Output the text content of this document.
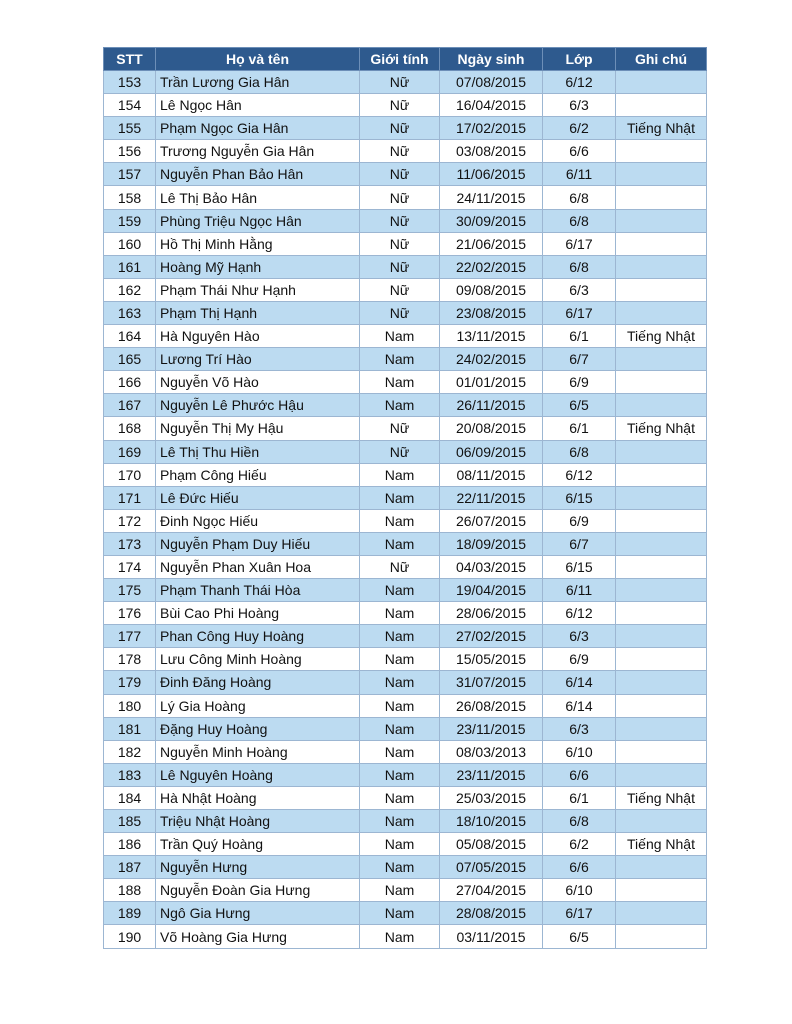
STT	Họ và tên	Giới tính	Ngày sinh	Lớp	Ghi chú
153	Trần Lương Gia Hân	Nữ	07/08/2015	6/12	
154	Lê Ngọc Hân	Nữ	16/04/2015	6/3	
155	Phạm Ngọc Gia Hân	Nữ	17/02/2015	6/2	Tiếng Nhật
156	Trương Nguyễn Gia Hân	Nữ	03/08/2015	6/6	
157	Nguyễn Phan Bảo Hân	Nữ	11/06/2015	6/11	
158	Lê Thị Bảo Hân	Nữ	24/11/2015	6/8	
159	Phùng Triệu Ngọc Hân	Nữ	30/09/2015	6/8	
160	Hồ Thị Minh Hằng	Nữ	21/06/2015	6/17	
161	Hoàng Mỹ Hạnh	Nữ	22/02/2015	6/8	
162	Phạm Thái Như Hạnh	Nữ	09/08/2015	6/3	
163	Phạm Thị Hạnh	Nữ	23/08/2015	6/17	
164	Hà Nguyên Hào	Nam	13/11/2015	6/1	Tiếng Nhật
165	Lương Trí Hào	Nam	24/02/2015	6/7	
166	Nguyễn Võ Hào	Nam	01/01/2015	6/9	
167	Nguyễn Lê Phước Hậu	Nam	26/11/2015	6/5	
168	Nguyễn Thị My Hậu	Nữ	20/08/2015	6/1	Tiếng Nhật
169	Lê Thị Thu Hiền	Nữ	06/09/2015	6/8	
170	Phạm Công Hiếu	Nam	08/11/2015	6/12	
171	Lê Đức Hiếu	Nam	22/11/2015	6/15	
172	Đinh Ngọc Hiếu	Nam	26/07/2015	6/9	
173	Nguyễn Phạm Duy Hiếu	Nam	18/09/2015	6/7	
174	Nguyễn Phan Xuân Hoa	Nữ	04/03/2015	6/15	
175	Phạm Thanh Thái Hòa	Nam	19/04/2015	6/11	
176	Bùi Cao Phi Hoàng	Nam	28/06/2015	6/12	
177	Phan Công Huy Hoàng	Nam	27/02/2015	6/3	
178	Lưu Công Minh Hoàng	Nam	15/05/2015	6/9	
179	Đinh Đăng Hoàng	Nam	31/07/2015	6/14	
180	Lý Gia Hoàng	Nam	26/08/2015	6/14	
181	Đặng Huy Hoàng	Nam	23/11/2015	6/3	
182	Nguyễn Minh Hoàng	Nam	08/03/2013	6/10	
183	Lê Nguyên Hoàng	Nam	23/11/2015	6/6	
184	Hà Nhật Hoàng	Nam	25/03/2015	6/1	Tiếng Nhật
185	Triệu Nhật Hoàng	Nam	18/10/2015	6/8	
186	Trần Quý Hoàng	Nam	05/08/2015	6/2	Tiếng Nhật
187	Nguyễn Hưng	Nam	07/05/2015	6/6	
188	Nguyễn Đoàn Gia Hưng	Nam	27/04/2015	6/10	
189	Ngô Gia Hưng	Nam	28/08/2015	6/17	
190	Võ Hoàng Gia Hưng	Nam	03/11/2015	6/5	
